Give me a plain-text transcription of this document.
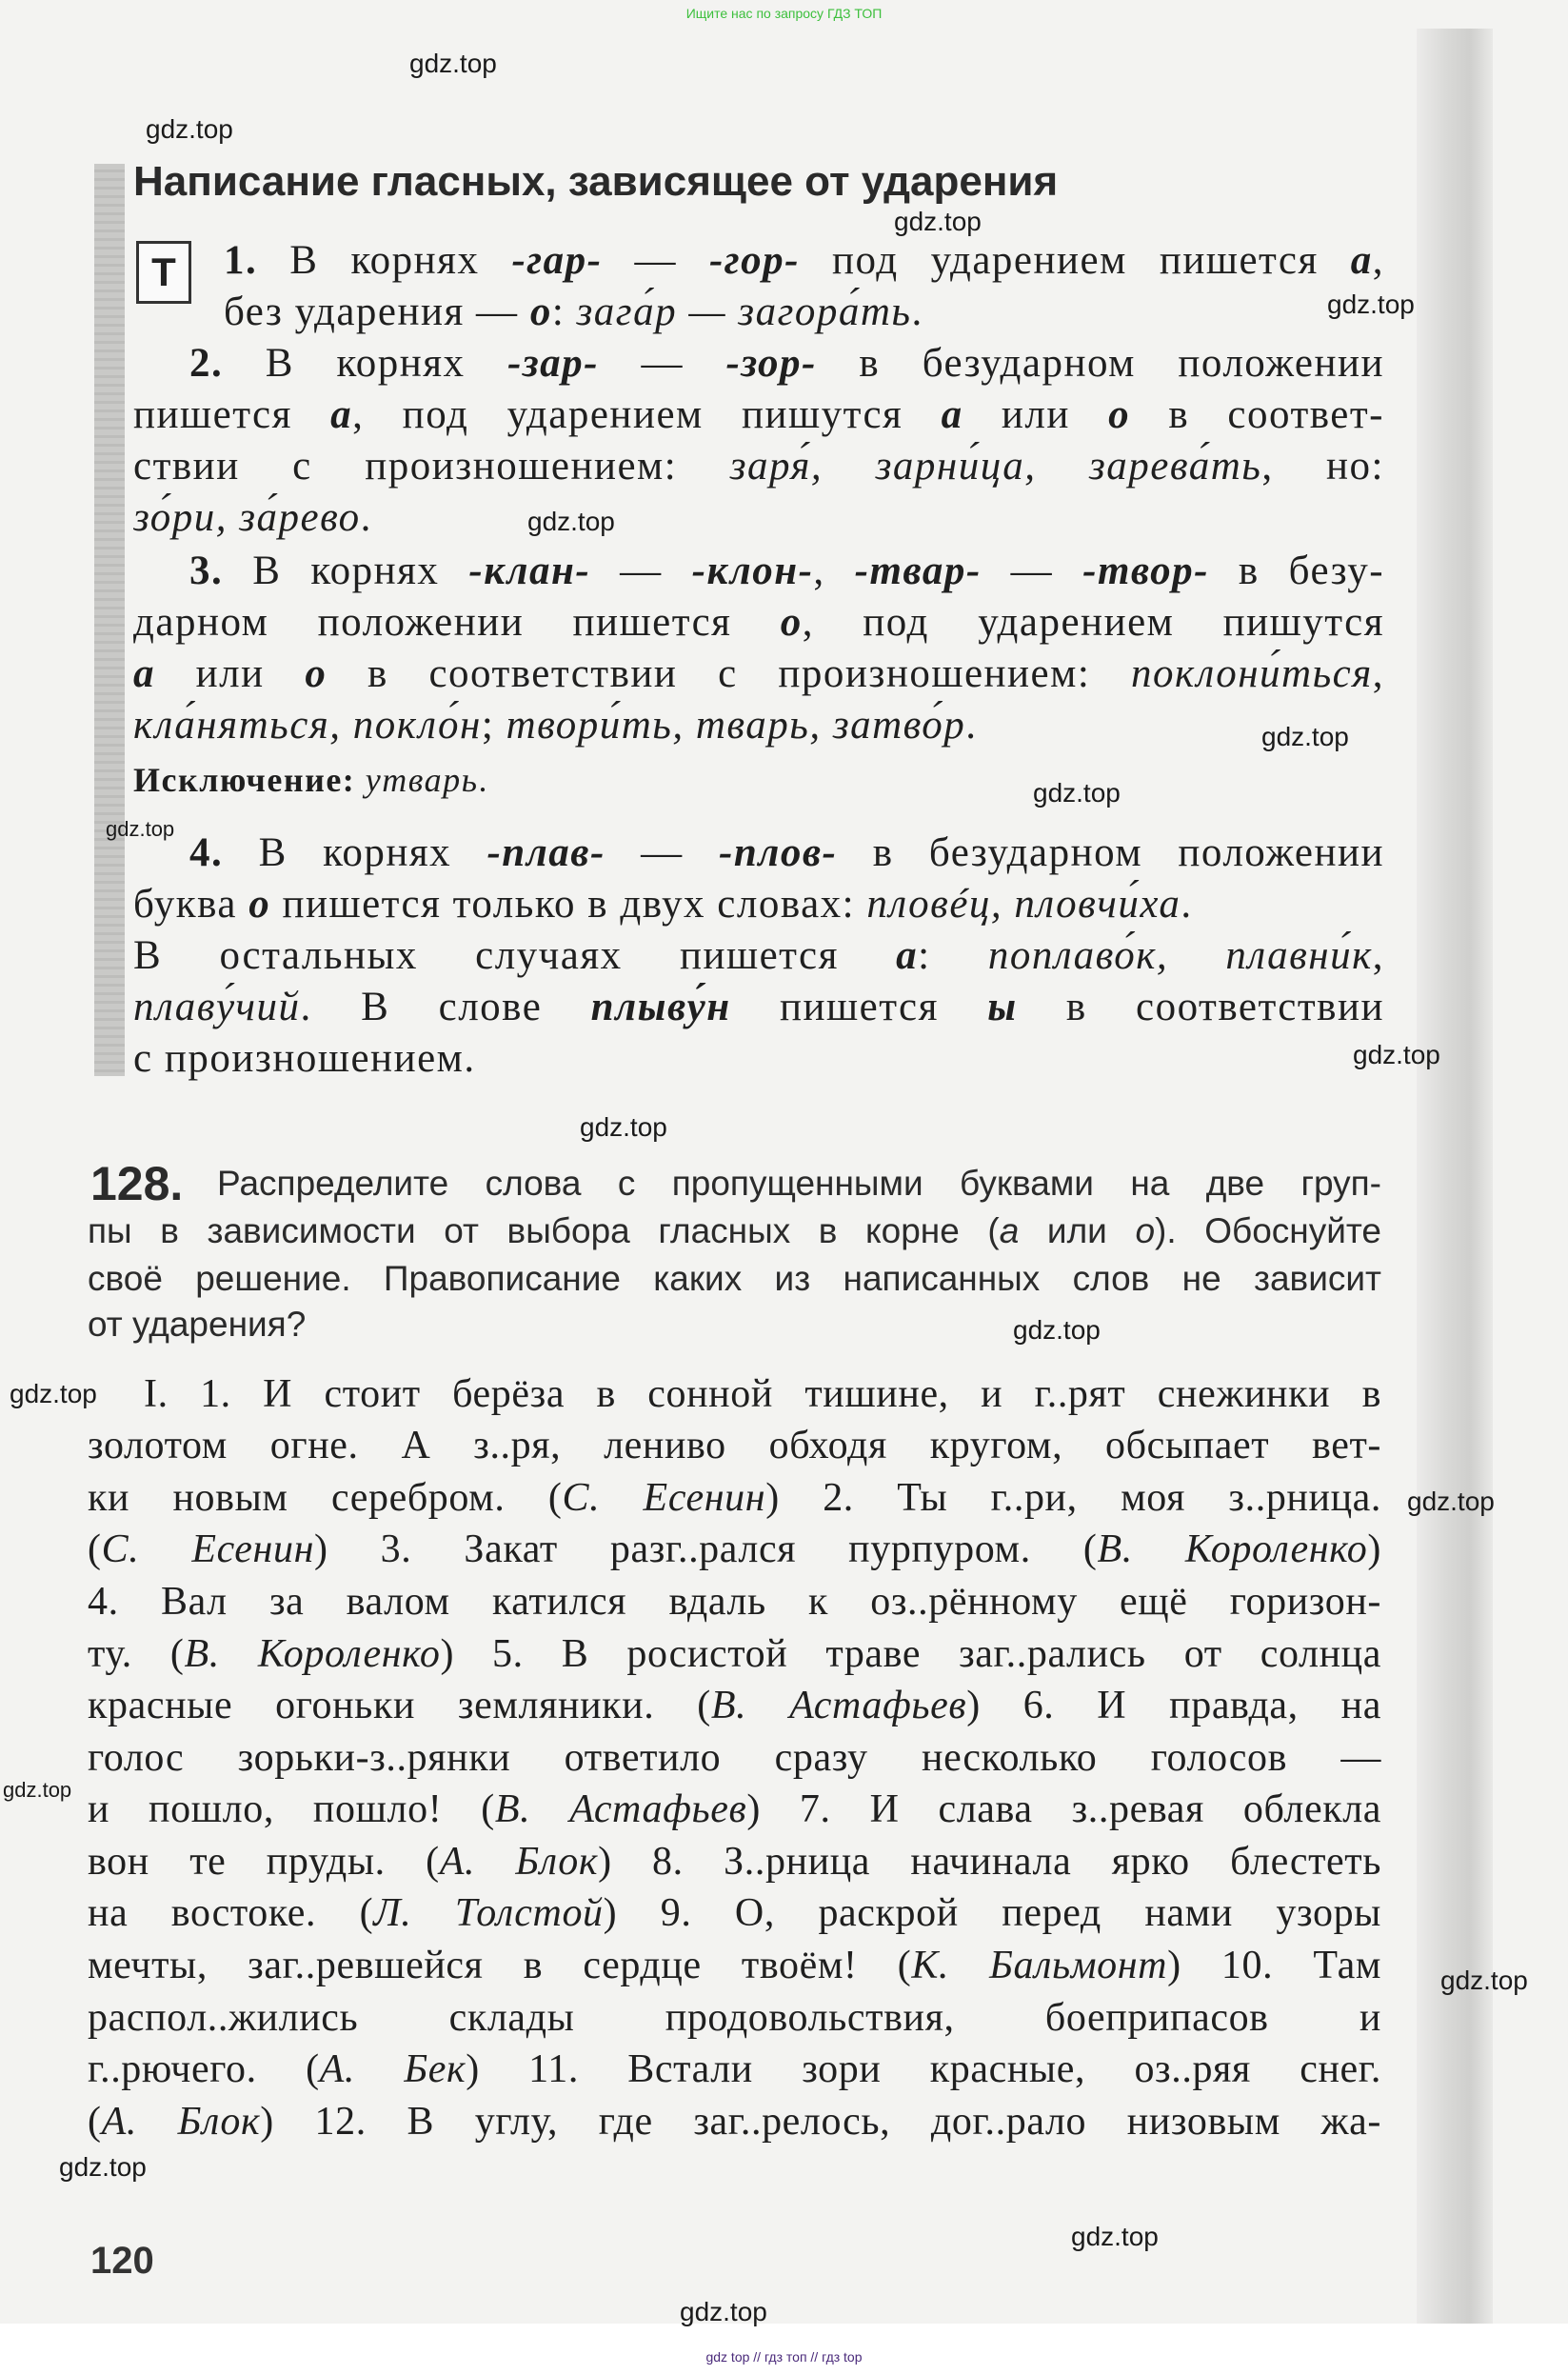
Ищите нас по запросу ГДЗ ТОП
gdz top // гдз топ // гдз top
Написание гласных, зависящее от ударения
Т	1. В корнях -гар- — -гор- под ударением пишется а,
без ударения — о: зага́р — загора́ть.
2. В корнях -зар- — -зор- в безударном положении
пишется а, под ударением пишутся а или о в соответ-
ствии с произношением: заря́, зарни́ца, зарева́ть, но:
зо́ри, за́рево.
3. В корнях -клан- — -клон-, -твар- — -твор- в безу-
дарном положении пишется о, под ударением пишутся
а или о в соответствии с произношением: поклони́ться,
кла́няться, покло́н; твори́ть, тварь, затво́р.
Исключение: утварь.
4. В корнях -плав- — -плов- в безударном положении
буква о пишется только в двух словах: пловéц, пловчи́ха.
В остальных случаях пишется а: поплаво́к, плавни́к,
плаву́чий. В слове плыву́н пишется ы в соответствии
с произношением.
128. Распределите слова с пропущенными буквами на две груп-
пы в зависимости от выбора гласных в корне (а или о). Обоснуйте
своё решение. Правописание каких из написанных слов не зависит
от ударения?
I. 1. И стоит берёза в сонной тишине, и г..рят снежинки в
золотом огне. А з..ря, лениво обходя кругом, обсыпает вет-
ки новым серебром. (С. Есенин) 2. Ты г..ри, моя з..рница.
(С. Есенин) 3. Закат разг..рался пурпуром. (В. Короленко)
4. Вал за валом катился вдаль к оз..рённому ещё горизон-
ту. (В. Короленко) 5. В росистой траве заг..рались от солнца
красные огоньки земляники. (В. Астафьев) 6. И правда, на
голос зорьки-з..рянки ответило сразу несколько голосов —
и пошло, пошло! (В. Астафьев) 7. И слава з..ревая облекла
вон те пруды. (А. Блок) 8. З..рница начинала ярко блестеть
на востоке. (Л. Толстой) 9. О, раскрой перед нами узоры
мечты, заг..ревшейся в сердце твоём! (К. Бальмонт) 10. Там
распол..жились склады продовольствия, боеприпасов и
г..рючего. (А. Бек) 11. Встали зори красные, оз..ряя снег.
(А. Блок) 12. В углу, где заг..релось, дог..рало низовым жа-
120
gdz.top
gdz.top
gdz.top
gdz.top
gdz.top
gdz.top
gdz.top
gdz.top
gdz.top
gdz.top
gdz.top
gdz.top
gdz.top
gdz.top
gdz.top
gdz.top
gdz.top
gdz.top
